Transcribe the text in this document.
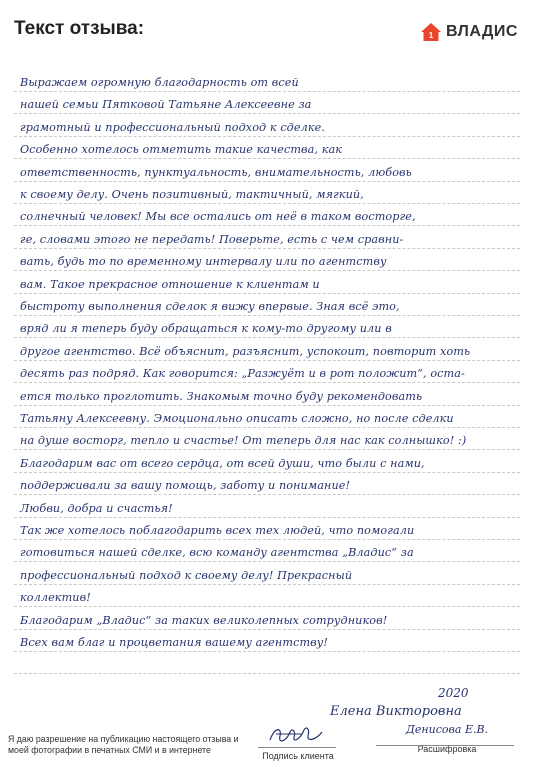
Текст отзыва:	1 ВЛАДИС
Выражаем огромную благодарность от всей
нашей семьи Пятковой Татьяне Алексеевне за
грамотный и профессиональный подход к сделке.
Особенно хотелось отметить такие качества, как
ответственность, пунктуальность, внимательность, любовь
к своему делу. Очень позитивный, тактичный, мягкий,
солнечный человек! Мы все остались от неё в таком восторге,
ге, словами этого не передать! Поверьте, есть с чем сравни-
вать, будь то по временному интервалу или по агентству
вам. Такое прекрасное отношение к клиентам и
быстроту выполнения сделок я вижу впервые. Зная всё это,
вряд ли я теперь буду обращаться к кому-то другому или в
другое агентство. Всё объяснит, разъяснит, успокоит, повторит хоть
десять раз подряд. Как говорится: „Разжуёт и в рот положит“, оста-
ется только проглотить. Знакомым точно буду рекомендовать
Татьяну Алексеевну. Эмоционально описать сложно, но после сделки
на душе восторг, тепло и счастье! От теперь для нас как солнышко! :)
Благодарим вас от всего сердца, от всей души, что были с нами,
поддерживали за вашу помощь, заботу и понимание!
Любви, добра и счастья!
Так же хотелось поблагодарить всех тех людей, что помогали
готовиться нашей сделке, всю команду агентства „Владис“ за
профессиональный подход к своему делу! Прекрасный
коллектив!
Благодарим „Владис“ за таких великолепных сотрудников!
Всех вам благ и процветания вашему агентству!
2020
Елена Викторовна
Я даю разрешение на публикацию настоящего отзыва и моей фотографии в печатных СМИ и в интернете
Подпись клиента
Денисова Е.В.
Расшифровка
